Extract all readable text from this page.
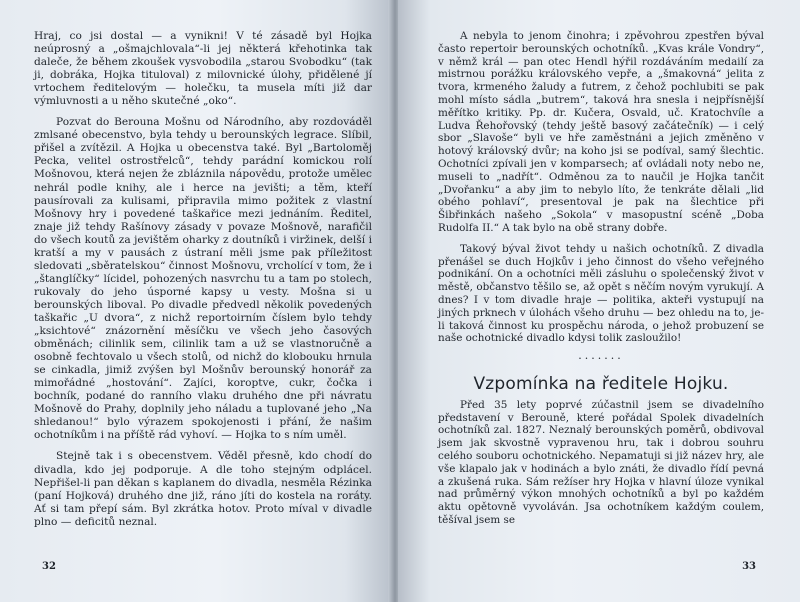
Hraj, co jsi dostal — a vynikni! V té zásadě byl Hojka neúprosný a „ošmajchlovala“-li jej některá křehotinka tak daleče, že během zkoušek vysvobodila „starou Svobodku“ (tak ji, dobráka, Hojka tituloval) z milovnické úlohy, přidělené jí vrtochem ředitelovým — holečku, ta musela míti již dar výmluvnosti a u něho skutečné „oko“.

Pozvat do Berouna Mošnu od Národního, aby rozdováděl zmlsané obecenstvo, byla tehdy u berounských legrace. Slíbil, přišel a zvítězil. A Hojka u obecenstva také. Byl „Bartoloměj Pecka, velitel ostrostřelců“, tehdy parádní komickou rolí Mošnovou, která nejen že zbláznila nápovědu, protože umělec nehrál podle knihy, ale i herce na jevišti; a těm, kteří pausírovali za kulisami, připravila mimo požitek z vlastní Mošnovy hry i povedené taškařice mezi jednáním. Ředitel, znaje již tehdy Rašínovy zásady v povaze Mošnově, narafičil do všech koutů za jevištěm oharky z doutníků i viržinek, delší i kratší a my v pausách z ústraní měli jsme pak příležitost sledovati „sběratelskou“ činnost Mošnovu, vrcholící v tom, že i „štanglíčky“ lícidel, pohozených nasvrchu tu a tam po stolech, rukovaly do jeho úsporné kapsy u vesty. Mošna si u berounských liboval. Po divadle předvedl několik povedených taškařic „U dvora“, z nichž reportoirním číslem bylo tehdy „ksichtové“ znázornění měsíčku ve všech jeho časových obměnách; cilinlik sem, cilinlik tam a už se vlastnoručně a osobně fechtovalo u všech stolů, od nichž do klobouku hrnula se cinkadla, jimiž zvýšen byl Mošnův berounský honorář za mimořádné „hostování“. Zajíci, koroptve, cukr, čočka i bochník, podané do ranního vlaku druhého dne při návratu Mošnově do Prahy, doplnily jeho náladu a tuplované jeho „Na shledanou!“ bylo výrazem spokojenosti i přání, že našim ochotníkům i na příště rád vyhoví. — Hojka to s ním uměl.

Stejně tak i s obecenstvem. Věděl přesně, kdo chodí do divadla, kdo jej podporuje. A dle toho stejným odplácel. Nepřišel-li pan děkan s kaplanem do divadla, nesměla Rézinka (paní Hojková) druhého dne již, ráno jíti do kostela na roráty. Ať si tam přepí sám. Byl zkrátka hotov. Proto míval v divadle plno — deficitů neznal.

32

A nebyla to jenom činohra; i zpěvohrou zpestřen býval často repertoir berounských ochotníků. „Kvas krále Vondry“, v němž král — pan otec Hendl hýřil rozdáváním medailí za mistrnou porážku královského vepře, a „šmakovná“ jelita z tvora, krmeného žaludy a futrem, z čehož pochlubiti se pak mohl místo sádla „butrem“, taková hra snesla i nejpřísnější měřítko kritiky. Pp. dr. Kučera, Osvald, uč. Kratochvíle a Ludva Řehořovský (tehdy ještě basový začátečník) — i celý sbor „Slavoše“ byli ve hře zaměstnáni a jejich změněno v hotový královský dvůr; na koho jsi se podíval, samý šlechtic. Ochotníci zpívali jen v komparsech; ať ovládali noty nebo ne, museli to „nadřít“. Odměnou za to naučil je Hojka tančit „Dvořanku“ a aby jim to nebylo líto, že tenkráte dělali „lid obého pohlaví“, presentoval je pak na šlechtice při Šibřinkách našeho „Sokola“ v masopustní scéně „Doba Rudolfa II.“ A tak bylo na obě strany dobře.

Takový býval život tehdy u našich ochotníků. Z divadla přenášel se duch Hojkův i jeho činnost do všeho veřejného podnikání. On a ochotníci měli zásluhu o společenský život v městě, občanstvo těšilo se, až opět s něčím novým vyrukují. A dnes? I v tom divadle hraje — politika, akteři vystupují na jiných prknech v úlohách všeho druhu — bez ohledu na to, je-li taková činnost ku prospěchu národa, o jehož probuzení se naše ochotnické divadlo kdysi tolik zasloužilo!

·······
Vzpomínka na ředitele Hojku.

Před 35 lety poprvé zúčastnil jsem se divadelního představení v Berouně, které pořádal Spolek divadelních ochotníků zal. 1827. Neznalý berounských poměrů, obdivoval jsem jak skvostně vypravenou hru, tak i dobrou souhru celého souboru ochotnického. Nepamatuji si již název hry, ale vše klapalo jak v hodinách a bylo znáti, že divadlo řídí pevná a zkušená ruka. Sám režíser hry Hojka v hlavní úloze vynikal nad průměrný výkon mnohých ochotníků a byl po každém aktu opětovně vyvoláván. Jsa ochotníkem každým coulem, těšíval jsem se

33
